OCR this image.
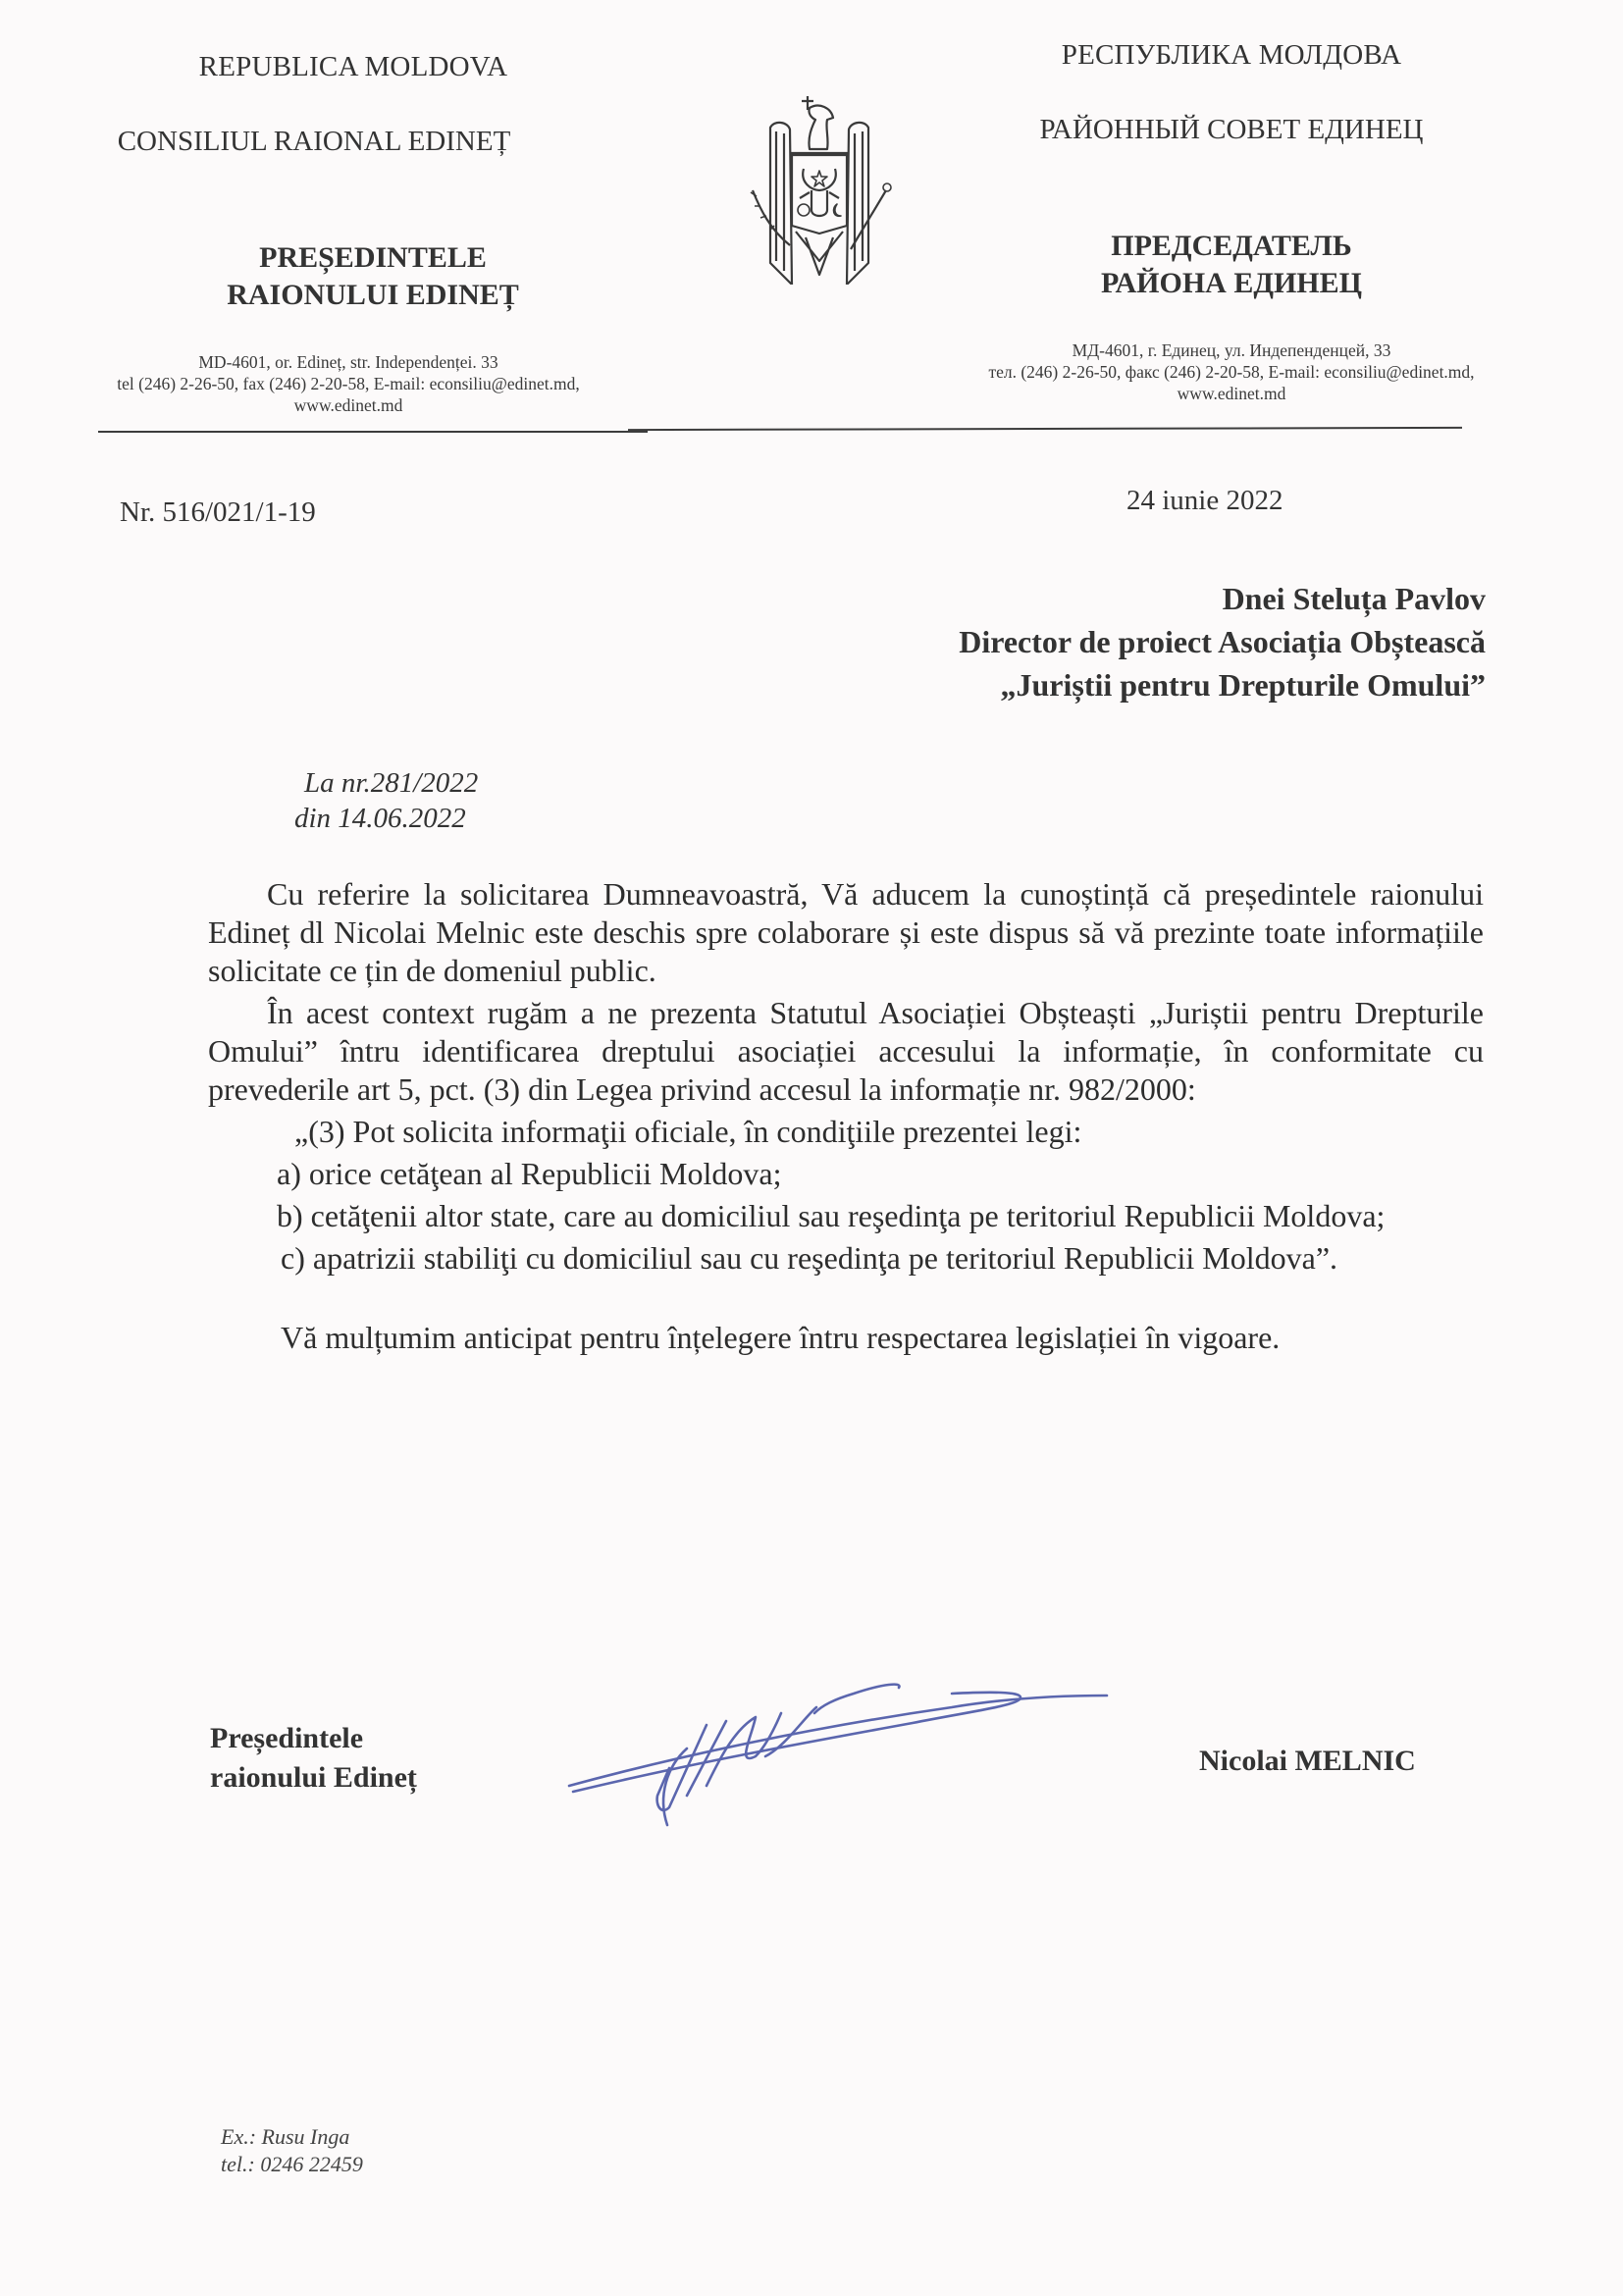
REPUBLICA MOLDOVA
CONSILIUL RAIONAL EDINEȚ
PREȘEDINTELE
RAIONULUI EDINEȚ
MD-4601, or. Edineț, str. Independenței. 33
tel (246) 2-26-50, fax (246) 2-20-58, E-mail: econsiliu@edinet.md,
www.edinet.md
РЕСПУБЛИКА МОЛДОВА
РАЙОННЫЙ СОВЕТ ЕДИНЕЦ
ПРЕДСЕДАТЕЛЬ
РАЙОНА ЕДИНЕЦ
МД-4601, г. Единец, ул. Индепенденцей, 33
тел. (246) 2-26-50, факс (246) 2-20-58, E-mail: econsiliu@edinet.md,
www.edinet.md
Nr. 516/021/1-19	24 iunie 2022
Dnei Steluța Pavlov
Director de proiect Asociația Obștească
„Juriștii pentru Drepturile Omului”
La nr.281/2022
din 14.06.2022

Cu referire la solicitarea Dumneavoastră, Vă aducem la cunoștință că președintele raionului Edineț dl Nicolai Melnic este deschis spre colaborare și este dispus să vă prezinte toate informațiile solicitate ce țin de domeniul public.

În acest context rugăm a ne prezenta Statutul Asociației Obșteaști „Juriștii pentru Drepturile Omului” întru identificarea dreptului asociației accesului la informație, în conformitate cu prevederile art 5, pct. (3) din Legea privind accesul la informație nr. 982/2000:

„(3) Pot solicita informaţii oficiale, în condiţiile prezentei legi:

a) orice cetăţean al Republicii Moldova;

b) cetăţenii altor state, care au domiciliul sau reşedinţa pe teritoriul Republicii Moldova;

c) apatrizii stabiliţi cu domiciliul sau cu reşedinţa pe teritoriul Republicii Moldova”.

Vă mulțumim anticipat pentru înțelegere întru respectarea legislației în vigoare.

Președintele
raionului Edineț
Nicolai MELNIC
Ex.: Rusu Inga
tel.: 0246 22459
